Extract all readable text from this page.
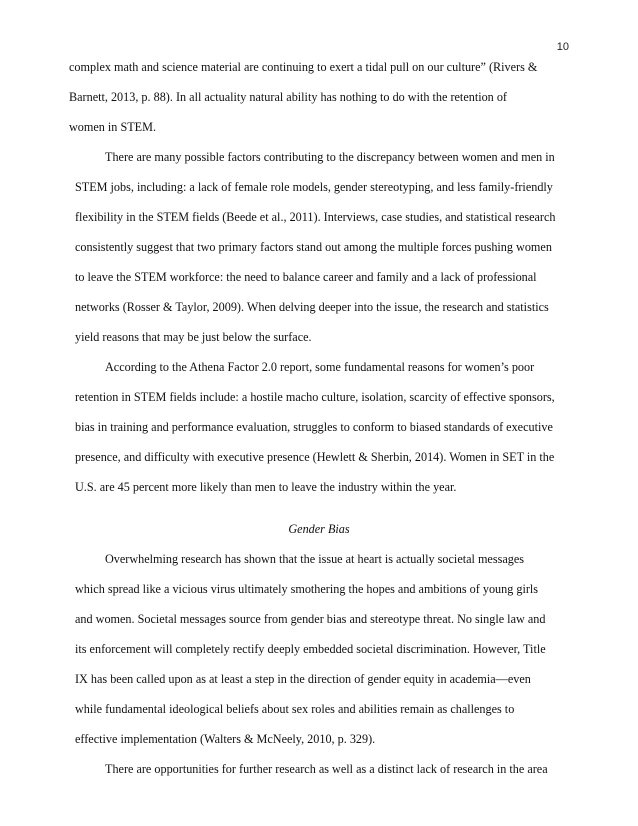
10
complex math and science material are continuing to exert a tidal pull on our culture” (Rivers &
Barnett, 2013, p. 88). In all actuality natural ability has nothing to do with the retention of
women in STEM.
There are many possible factors contributing to the discrepancy between women and men in
STEM jobs, including: a lack of female role models, gender stereotyping, and less family-friendly
flexibility in the STEM fields (Beede et al., 2011). Interviews, case studies, and statistical research
consistently suggest that two primary factors stand out among the multiple forces pushing women
to leave the STEM workforce: the need to balance career and family and a lack of professional
networks (Rosser & Taylor, 2009). When delving deeper into the issue, the research and statistics
yield reasons that may be just below the surface.
According to the Athena Factor 2.0 report, some fundamental reasons for women’s poor
retention in STEM fields include: a hostile macho culture, isolation, scarcity of effective sponsors,
bias in training and performance evaluation, struggles to conform to biased standards of executive
presence, and difficulty with executive presence (Hewlett & Sherbin, 2014). Women in SET in the
U.S. are 45 percent more likely than men to leave the industry within the year.
Gender Bias
Overwhelming research has shown that the issue at heart is actually societal messages
which spread like a vicious virus ultimately smothering the hopes and ambitions of young girls
and women. Societal messages source from gender bias and stereotype threat. No single law and
its enforcement will completely rectify deeply embedded societal discrimination. However, Title
IX has been called upon as at least a step in the direction of gender equity in academia—even
while fundamental ideological beliefs about sex roles and abilities remain as challenges to
effective implementation (Walters & McNeely, 2010, p. 329).
There are opportunities for further research as well as a distinct lack of research in the area
